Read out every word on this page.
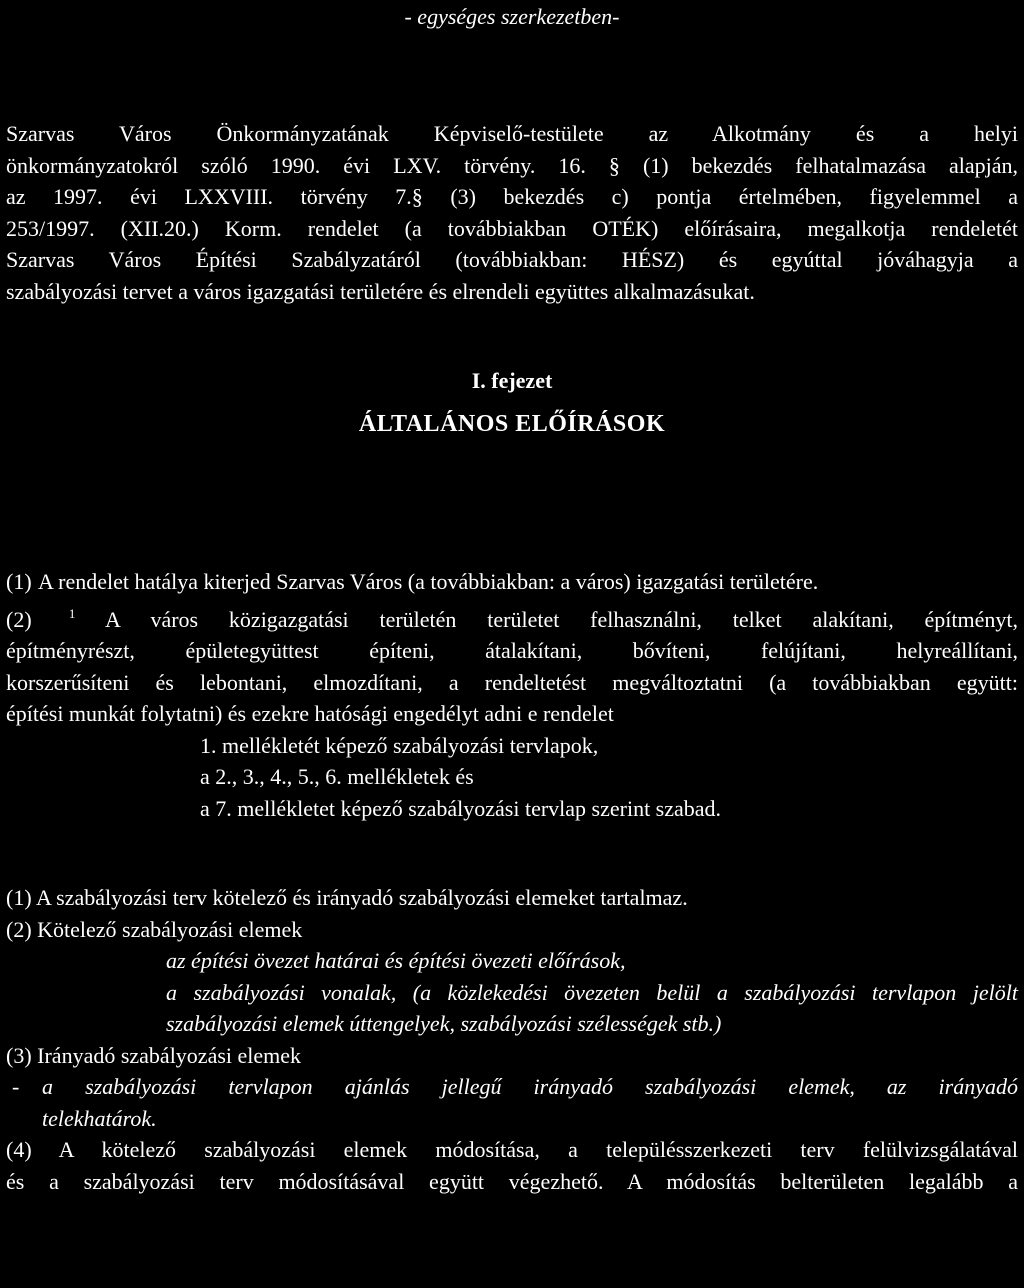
- egységes szerkezetben-
Szarvas Város Önkormányzatának Képviselő-testülete az Alkotmány és a helyi
önkormányzatokról szóló 1990. évi LXV. törvény. 16. § (1) bekezdés felhatalmazása alapján,
az 1997. évi LXXVIII. törvény 7.§ (3) bekezdés c) pontja értelmében, figyelemmel a
253/1997. (XII.20.) Korm. rendelet (a továbbiakban OTÉK) előírásaira, megalkotja rendeletét
Szarvas Város Építési Szabályzatáról (továbbiakban: HÉSZ) és egyúttal jóváhagyja a
szabályozási tervet a város igazgatási területére és elrendeli együttes alkalmazásukat.
I. fejezet
ÁLTALÁNOS ELŐÍRÁSOK
(1) A rendelet hatálya kiterjed Szarvas Város (a továbbiakban: a város) igazgatási területére.
(2)	$^1$ A város közigazgatási területén területet felhasználni, telket alakítani, építményt,
építményrészt, épületegyüttest építeni, átalakítani, bővíteni, felújítani, helyreállítani,
korszerűsíteni és lebontani, elmozdítani, a rendeltetést megváltoztatni (a továbbiakban együtt:
építési munkát folytatni) és ezekre hatósági engedélyt adni e rendelet
1. mellékletét képező szabályozási tervlapok,
a 2., 3., 4., 5., 6. mellékletek és
a 7. mellékletet képező szabályozási tervlap szerint szabad.
(1) A szabályozási terv kötelező és irányadó szabályozási elemeket tartalmaz.
(2) Kötelező szabályozási elemek
az építési övezet határai és építési övezeti előírások,
a szabályozási vonalak, (a közlekedési övezeten belül a szabályozási tervlapon jelölt
szabályozási elemek úttengelyek, szabályozási szélességek stb.)
(3) Irányadó szabályozási elemek
- a szabályozási tervlapon ajánlás jellegű irányadó szabályozási elemek, az irányadó
telekhatárok.
(4) A kötelező szabályozási elemek módosítása, a településszerkezeti terv felülvizsgálatával
és a szabályozási terv módosításával együtt végezhető. A módosítás belterületen legalább a
